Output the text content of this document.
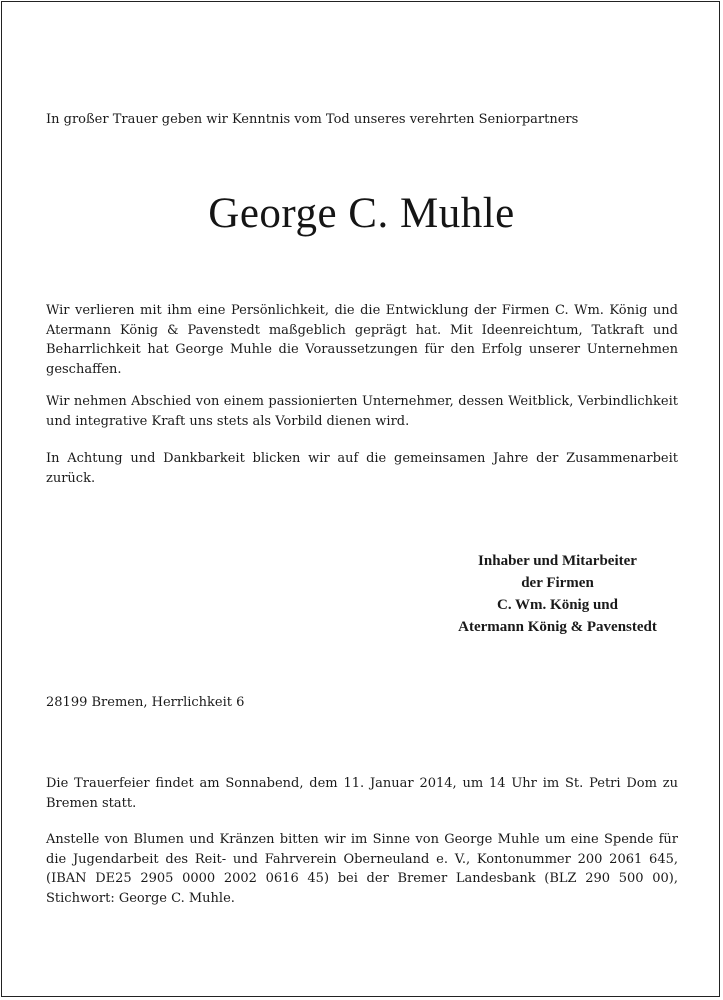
In großer Trauer geben wir Kenntnis vom Tod unseres verehrten Seniorpartners

George C. Muhle

Wir verlieren mit ihm eine Persönlichkeit, die die Entwicklung der Firmen C. Wm. König und Atermann König & Pavenstedt maßgeblich geprägt hat. Mit Ideenreichtum, Tatkraft und Beharrlichkeit hat George Muhle die Voraussetzungen für den Erfolg unserer Unternehmen geschaffen.

Wir nehmen Abschied von einem passionierten Unternehmer, dessen Weitblick, Verbindlichkeit und integrative Kraft uns stets als Vorbild dienen wird.

In Achtung und Dankbarkeit blicken wir auf die gemeinsamen Jahre der Zusammenarbeit zurück.

Inhaber und Mitarbeiter
der Firmen
C. Wm. König und
Atermann König & Pavenstedt

28199 Bremen, Herrlichkeit 6

Die Trauerfeier findet am Sonnabend, dem 11. Januar 2014, um 14 Uhr im St. Petri Dom zu Bremen statt.

Anstelle von Blumen und Kränzen bitten wir im Sinne von George Muhle um eine Spende für die Jugendarbeit des Reit- und Fahrverein Oberneuland e. V., Kontonummer 200 2061 645, (IBAN DE25 2905 0000 2002 0616 45) bei der Bremer Landesbank (BLZ 290 500 00), Stichwort: George C. Muhle.
